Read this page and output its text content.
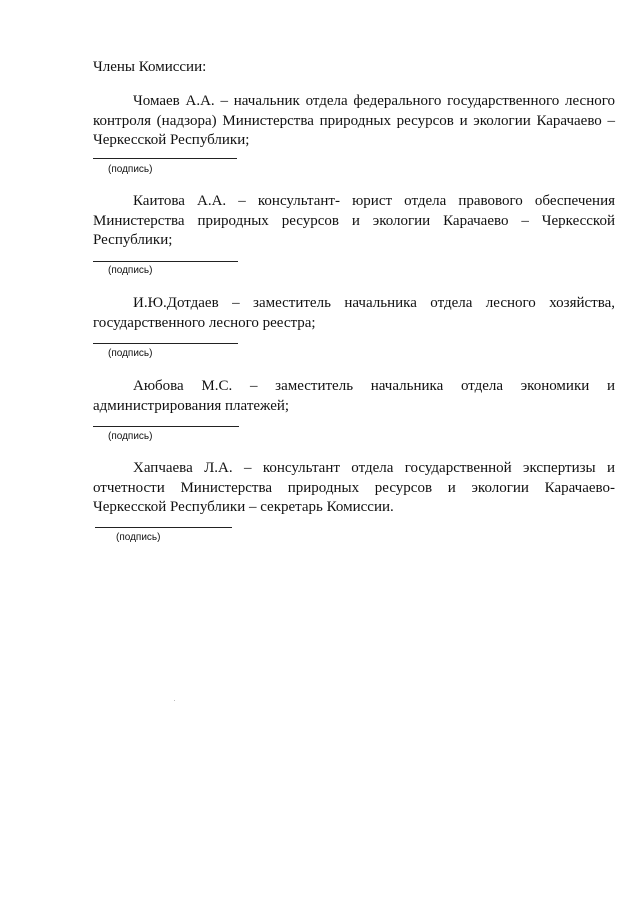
Члены Комиссии:
Чомаев А.А. – начальник отдела федерального государственного лесного контроля (надзора) Министерства природных ресурсов и экологии Карачаево – Черкесской Республики;
(подпись)
Каитова А.А. – консультант- юрист отдела правового обеспечения Министерства природных ресурсов и экологии Карачаево – Черкесской Республики;
(подпись)
И.Ю.Дотдаев – заместитель начальника отдела лесного хозяйства, государственного лесного реестра;
(подпись)
Аюбова М.С. – заместитель начальника отдела экономики и администрирования платежей;
(подпись)
Хапчаева Л.А. – консультант отдела государственной экспертизы и отчетности Министерства природных ресурсов и экологии Карачаево-Черкесской Республики – секретарь Комиссии.
(подпись)
